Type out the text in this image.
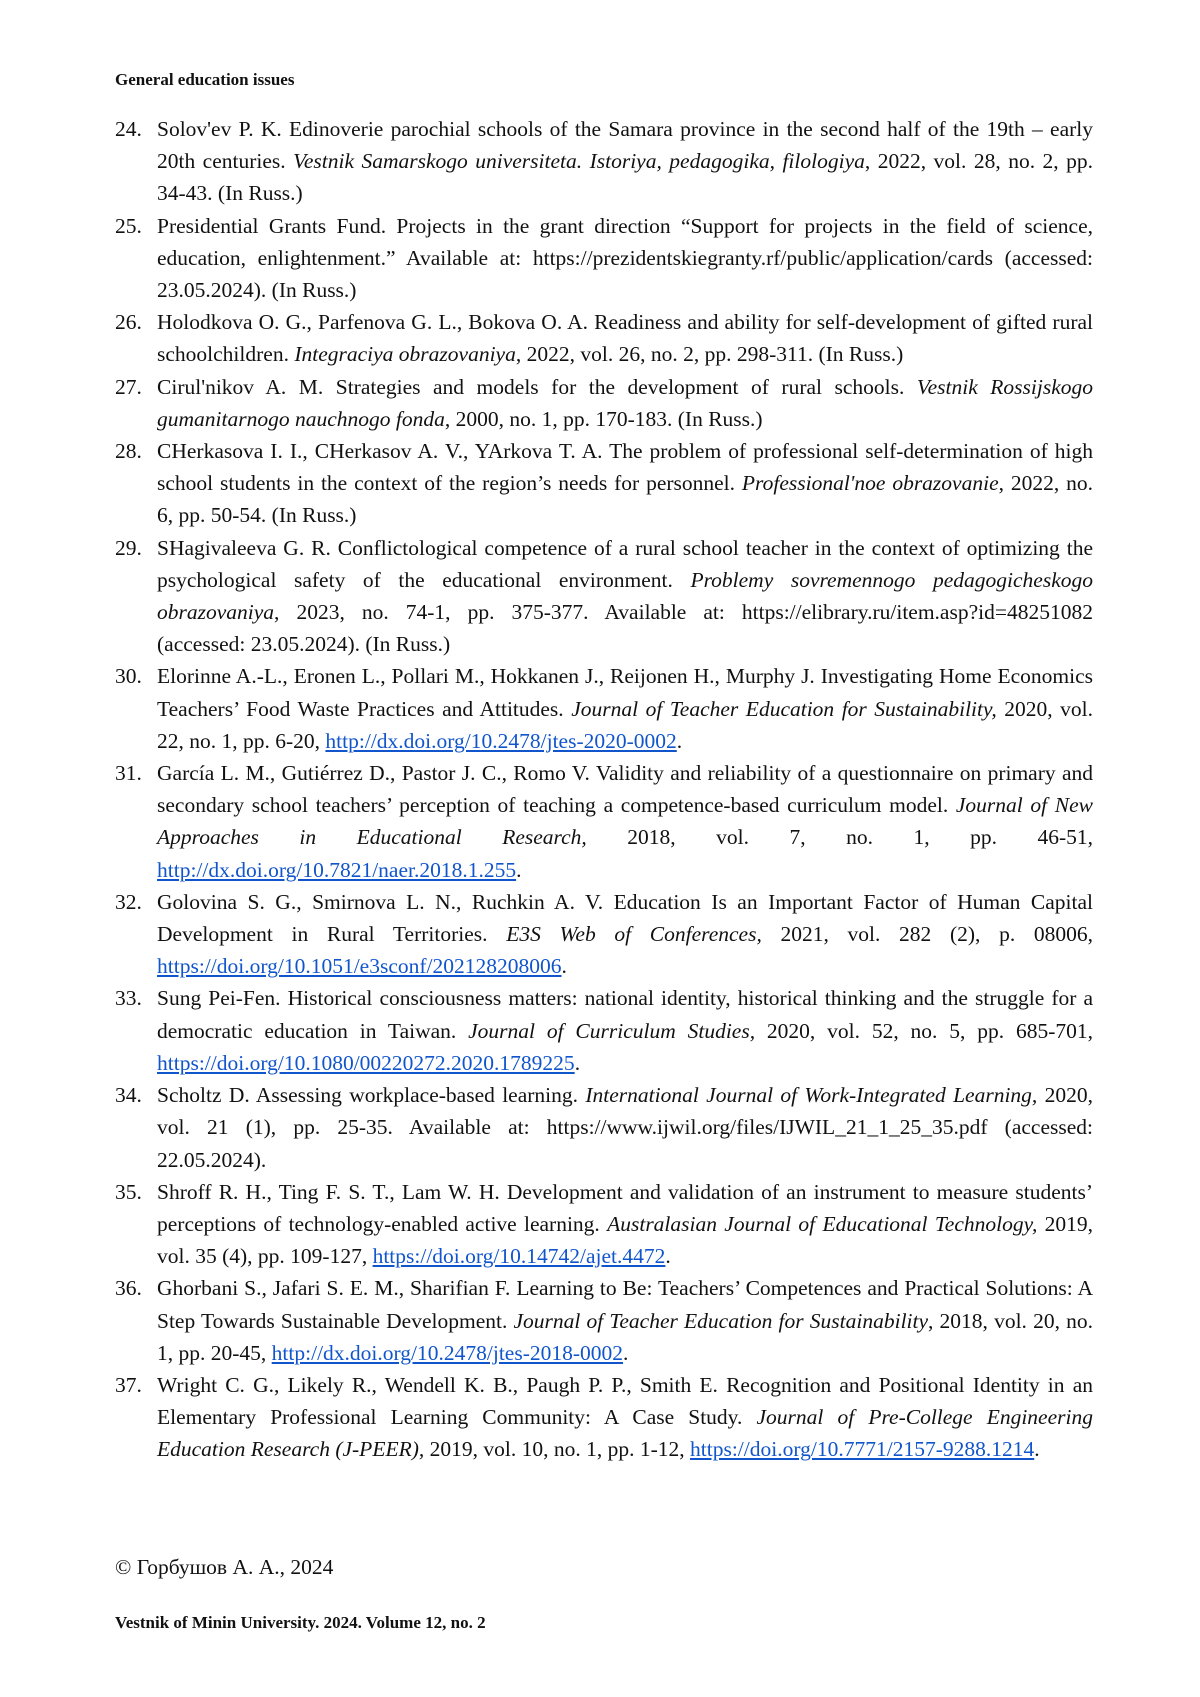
General education issues
24. Solov'ev P. K. Edinoverie parochial schools of the Samara province in the second half of the 19th – early 20th centuries. Vestnik Samarskogo universiteta. Istoriya, pedagogika, filologiya, 2022, vol. 28, no. 2, pp. 34-43. (In Russ.)
25. Presidential Grants Fund. Projects in the grant direction “Support for projects in the field of science, education, enlightenment.” Available at: https://prezidentskiegranty.rf/public/application/cards (accessed: 23.05.2024). (In Russ.)
26. Holodkova O. G., Parfenova G. L., Bokova O. A. Readiness and ability for self-development of gifted rural schoolchildren. Integraciya obrazovaniya, 2022, vol. 26, no. 2, pp. 298-311. (In Russ.)
27. Cirul'nikov A. M. Strategies and models for the development of rural schools. Vestnik Rossijskogo gumanitarnogo nauchnogo fonda, 2000, no. 1, pp. 170-183. (In Russ.)
28. CHerkasova I. I., CHerkasov A. V., YArkova T. A. The problem of professional self-determination of high school students in the context of the region’s needs for personnel. Professional'noe obrazovanie, 2022, no. 6, pp. 50-54. (In Russ.)
29. SHagivaleeva G. R. Conflictological competence of a rural school teacher in the context of optimizing the psychological safety of the educational environment. Problemy sovremennogo pedagogicheskogo obrazovaniya, 2023, no. 74-1, pp. 375-377. Available at: https://elibrary.ru/item.asp?id=48251082 (accessed: 23.05.2024). (In Russ.)
30. Elorinne A.-L., Eronen L., Pollari M., Hokkanen J., Reijonen H., Murphy J. Investigating Home Economics Teachers’ Food Waste Practices and Attitudes. Journal of Teacher Education for Sustainability, 2020, vol. 22, no. 1, pp. 6-20, http://dx.doi.org/10.2478/jtes-2020-0002.
31. García L. M., Gutiérrez D., Pastor J. C., Romo V. Validity and reliability of a questionnaire on primary and secondary school teachers’ perception of teaching a competence-based curriculum model. Journal of New Approaches in Educational Research, 2018, vol. 7, no. 1, pp. 46-51, http://dx.doi.org/10.7821/naer.2018.1.255.
32. Golovina S. G., Smirnova L. N., Ruchkin A. V. Education Is an Important Factor of Human Capital Development in Rural Territories. E3S Web of Conferences, 2021, vol. 282 (2), p. 08006, https://doi.org/10.1051/e3sconf/202128208006.
33. Sung Pei-Fen. Historical consciousness matters: national identity, historical thinking and the struggle for a democratic education in Taiwan. Journal of Curriculum Studies, 2020, vol. 52, no. 5, pp. 685-701, https://doi.org/10.1080/00220272.2020.1789225.
34. Scholtz D. Assessing workplace-based learning. International Journal of Work-Integrated Learning, 2020, vol. 21 (1), pp. 25-35. Available at: https://www.ijwil.org/files/IJWIL_21_1_25_35.pdf (accessed: 22.05.2024).
35. Shroff R. H., Ting F. S. T., Lam W. H. Development and validation of an instrument to measure students’ perceptions of technology-enabled active learning. Australasian Journal of Educational Technology, 2019, vol. 35 (4), pp. 109-127, https://doi.org/10.14742/ajet.4472.
36. Ghorbani S., Jafari S. E. M., Sharifian F. Learning to Be: Teachers’ Competences and Practical Solutions: A Step Towards Sustainable Development. Journal of Teacher Education for Sustainability, 2018, vol. 20, no. 1, pp. 20-45, http://dx.doi.org/10.2478/jtes-2018-0002.
37. Wright C. G., Likely R., Wendell K. B., Paugh P. P., Smith E. Recognition and Positional Identity in an Elementary Professional Learning Community: A Case Study. Journal of Pre-College Engineering Education Research (J-PEER), 2019, vol. 10, no. 1, pp. 1-12, https://doi.org/10.7771/2157-9288.1214.
© Горбушов А. А., 2024
Vestnik of Minin University. 2024. Volume 12, no. 2
